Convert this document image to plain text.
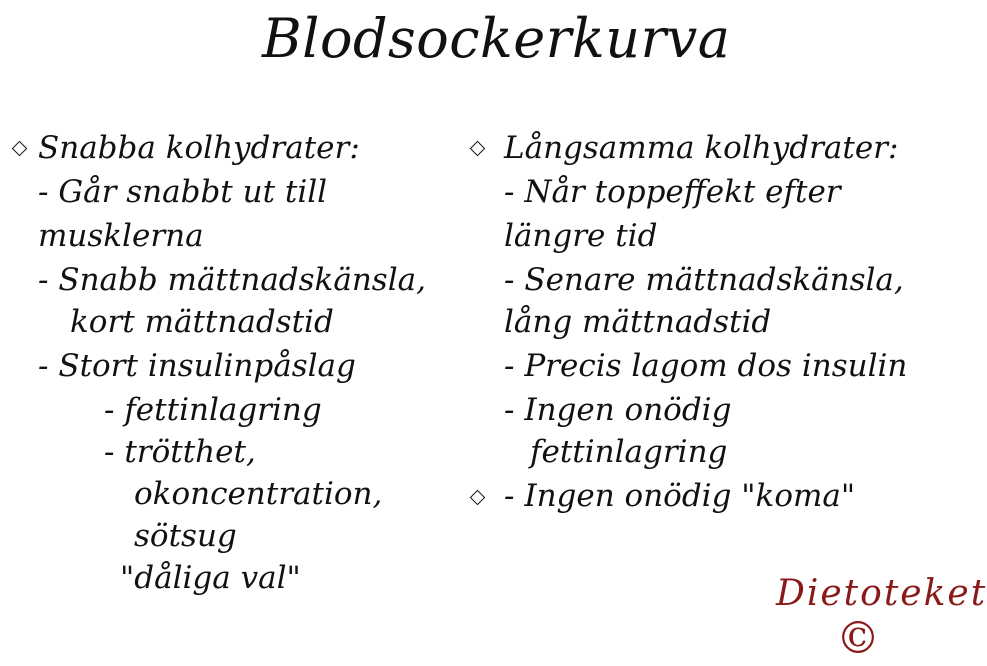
Blodsockerkurva
Snabba kolhydrater:
- Går snabbt ut till
musklerna
- Snabb mättnadskänsla,
kort mättnadstid
- Stort insulinpåslag
- fettinlagring
- trötthet,
okoncentration,
sötsug
"dåliga val"
Långsamma kolhydrater:
- Når toppeffekt efter
längre tid
- Senare mättnadskänsla,
lång mättnadstid
- Precis lagom dos insulin
- Ingen onödig
fettinlagring
- Ingen onödig "koma"
Dietoteket
©
